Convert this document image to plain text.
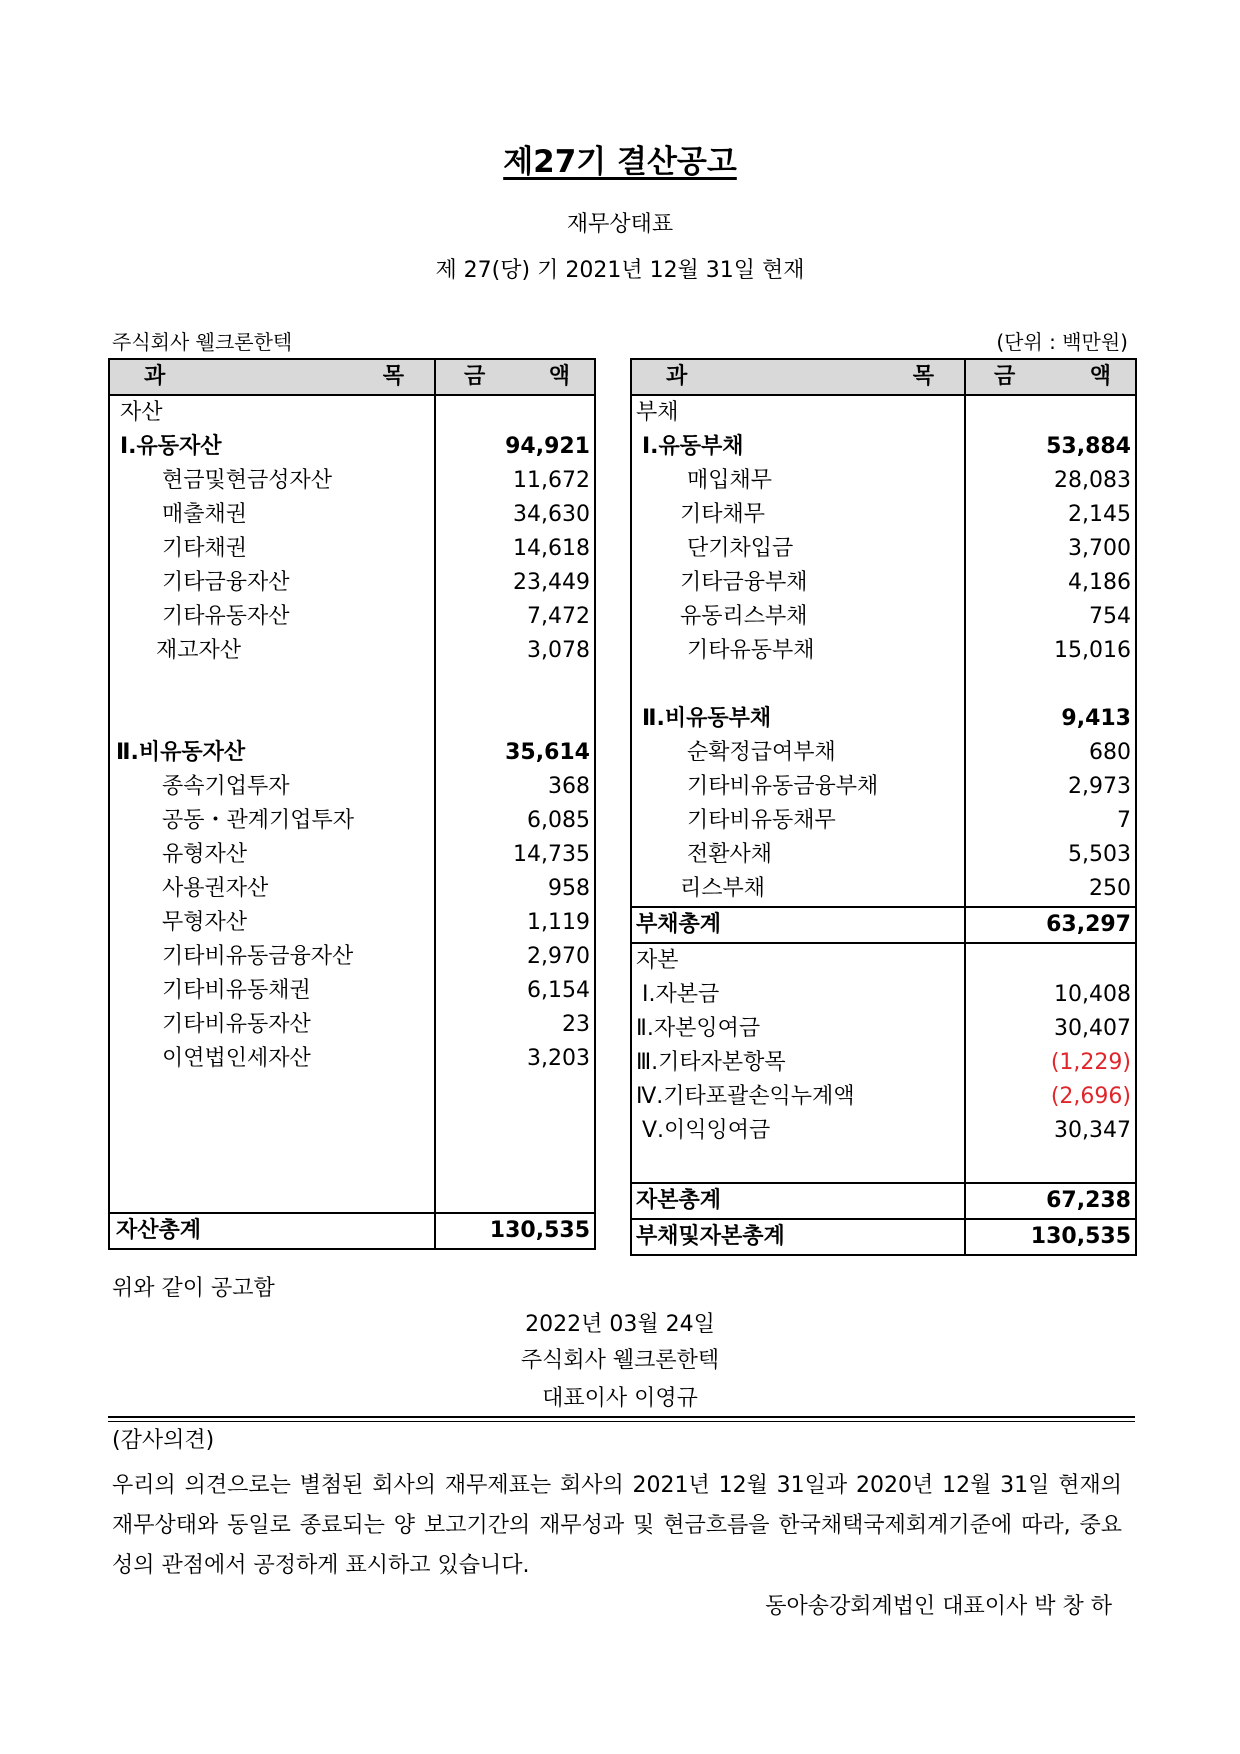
제27기 결산공고
재무상태표
제 27(당) 기 2021년 12월 31일 현재
주식회사 웰크론한텍	(단위 : 백만원)
과 목	금 액

자산	
Ⅰ.유동자산	94,921
현금및현금성자산	11,672
매출채권	34,630
기타채권	14,618
기타금융자산	23,449
기타유동자산	7,472
재고자산	3,078

Ⅱ.비유동자산	35,614
종속기업투자	368
공동・관계기업투자	6,085
유형자산	14,735
사용권자산	958
무형자산	1,119
기타비유동금융자산	2,970
기타비유동채권	6,154
기타비유동자산	23
이연법인세자산	3,203

자산총계	130,535
과 목	금 액

부채	
Ⅰ.유동부채	53,884
매입채무	28,083
기타채무	2,145
단기차입금	3,700
기타금융부채	4,186
유동리스부채	754
기타유동부채	15,016

Ⅱ.비유동부채	9,413
순확정급여부채	680
기타비유동금융부채	2,973
기타비유동채무	7
전환사채	5,503
리스부채	250
부채총계	63,297
자본	
Ⅰ.자본금	10,408
Ⅱ.자본잉여금	30,407
Ⅲ.기타자본항목	(1,229)
Ⅳ.기타포괄손익누계액	(2,696)
Ⅴ.이익잉여금	30,347

자본총계	67,238
부채및자본총계	130,535
위와 같이 공고함
2022년 03월 24일
주식회사 웰크론한텍
대표이사 이영규
(감사의견)
우리의 의견으로는 별첨된 회사의 재무제표는 회사의 2021년 12월 31일과 2020년 12월 31일 현재의 재무상태와 동일로 종료되는 양 보고기간의 재무성과 및 현금흐름을 한국채택국제회계기준에 따라, 중요성의 관점에서 공정하게 표시하고 있습니다.
동아송강회계법인 대표이사 박 창 하
